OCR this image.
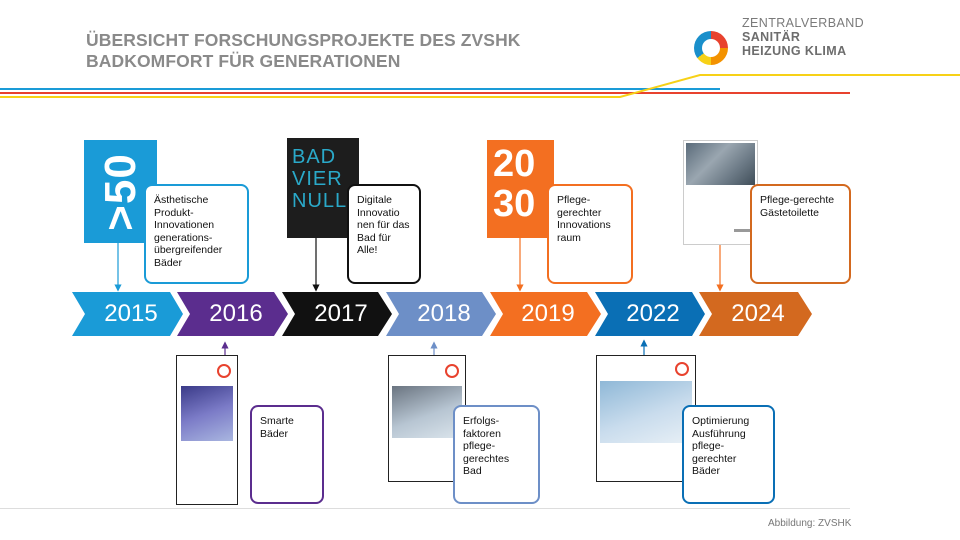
ÜBERSICHT FORSCHUNGSPROJEKTE DES ZVSHK
BADKOMFORT FÜR GENERATIONEN
ZENTRALVERBAND
SANITÄR
HEIZUNG KLIMA
2015	2016	2017	2018	2019	2022	2024
>50 Ästhetische Produkt-Innovationen generations-übergreifender Bäder
BAD
VIER
NULL Digitale Innovatio nen für das Bad für Alle!
20
30	Pflege-gerechter Innovations raum
Pflege-gerechte Gästetoilette
Smarte Bäder
Erfolgs-faktoren pflege-gerechtes Bad
Optimierung Ausführung pflege-gerechter Bäder
Abbildung: ZVSHK
